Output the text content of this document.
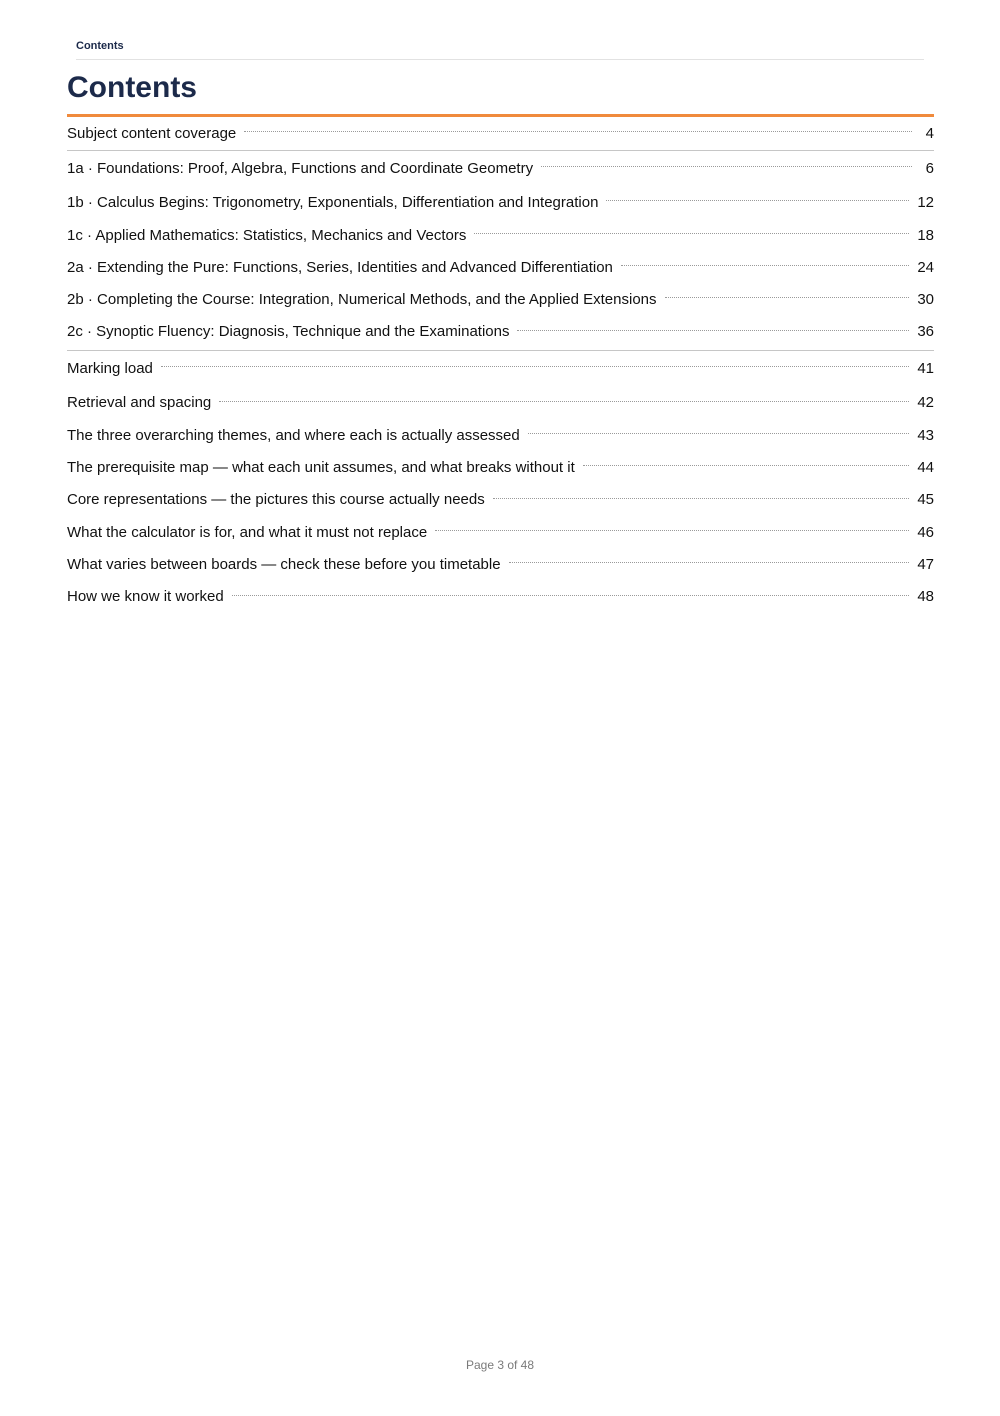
Contents
Contents
Subject content coverage	4
1a · Foundations: Proof, Algebra, Functions and Coordinate Geometry	6
1b · Calculus Begins: Trigonometry, Exponentials, Differentiation and Integration	12
1c · Applied Mathematics: Statistics, Mechanics and Vectors	18
2a · Extending the Pure: Functions, Series, Identities and Advanced Differentiation	24
2b · Completing the Course: Integration, Numerical Methods, and the Applied Extensions	30
2c · Synoptic Fluency: Diagnosis, Technique and the Examinations	36
Marking load	41
Retrieval and spacing	42
The three overarching themes, and where each is actually assessed	43
The prerequisite map — what each unit assumes, and what breaks without it	44
Core representations — the pictures this course actually needs	45
What the calculator is for, and what it must not replace	46
What varies between boards — check these before you timetable	47
How we know it worked	48
Page 3 of 48
